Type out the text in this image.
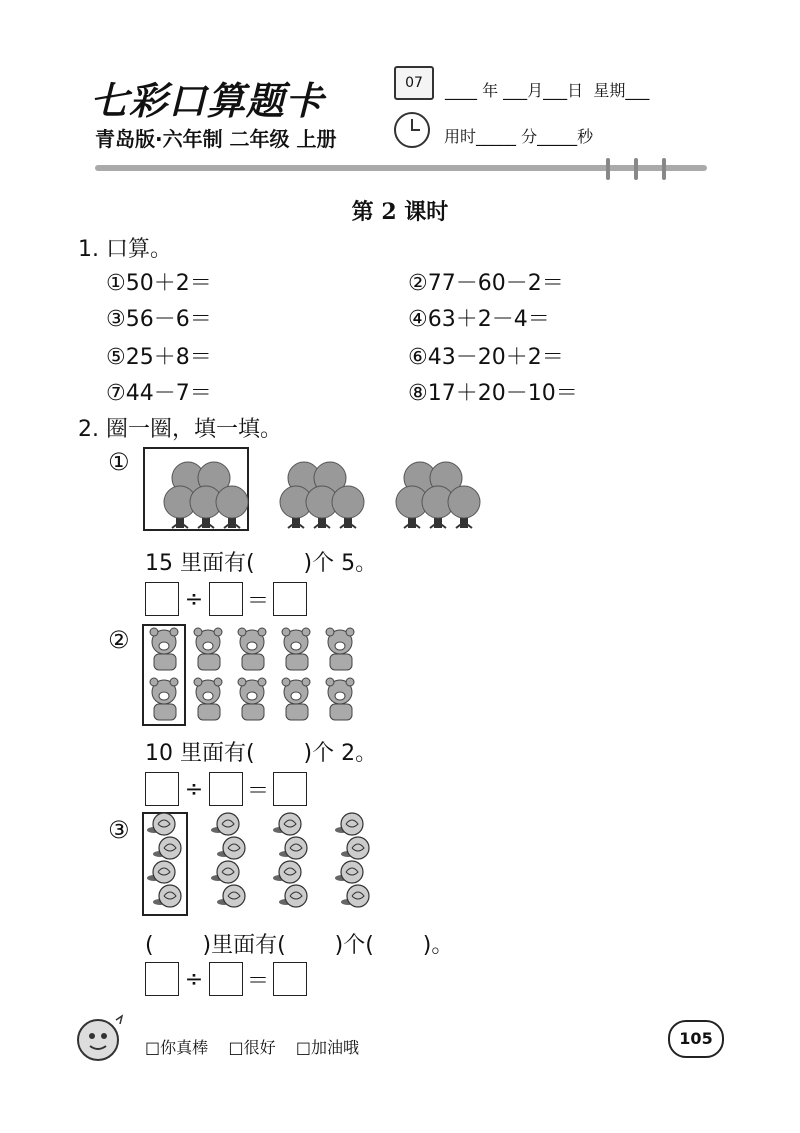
七彩口算题卡
青岛版·六年制 二年级 上册
07	____ 年 ___月___日  星期___
用时_____ 分_____秒
第 2 课时
1. 口算。
①50＋2＝	②77－60－2＝
③56－6＝	④63＋2－4＝
⑤25＋8＝	⑥43－20＋2＝
⑦44－7＝	⑧17＋20－10＝
2. 圈一圈，填一填。
①
15 里面有(       )个 5。
÷ ＝
②
10 里面有(       )个 2。
÷ ＝
③
(       )里面有(       )个(       )。
÷ ＝
□你真棒    □很好    □加油哦	105
